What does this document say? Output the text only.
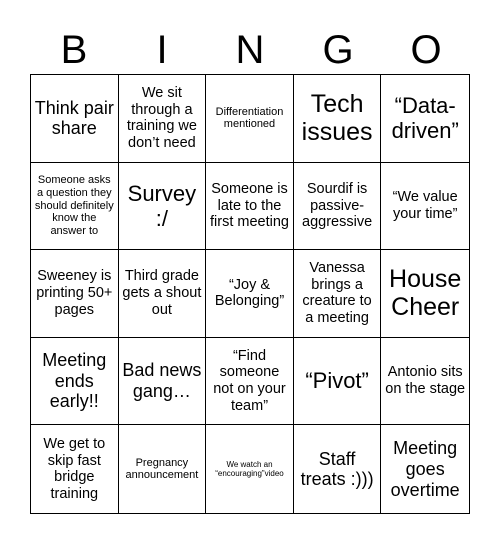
B	I	N	G	O
Think pair share
We sit through a training we don’t need
Differentiation mentioned
Tech issues
“Data-driven”
Someone asks a question they should definitely know the answer to
Survey :/
Someone is late to the first meeting
Sourdif is passive-aggressive
“We value your time”
Sweeney is printing 50+ pages
Third grade gets a shout out
“Joy & Belonging”
Vanessa brings a creature to a meeting
House Cheer
Meeting ends early!!
Bad news gang…
“Find someone not on your team”
“Pivot”	Antonio sits on the stage
We get to skip fast bridge training
Pregnancy announcement
We watch an “encouraging”video
Staff treats :)))
Meeting goes overtime
